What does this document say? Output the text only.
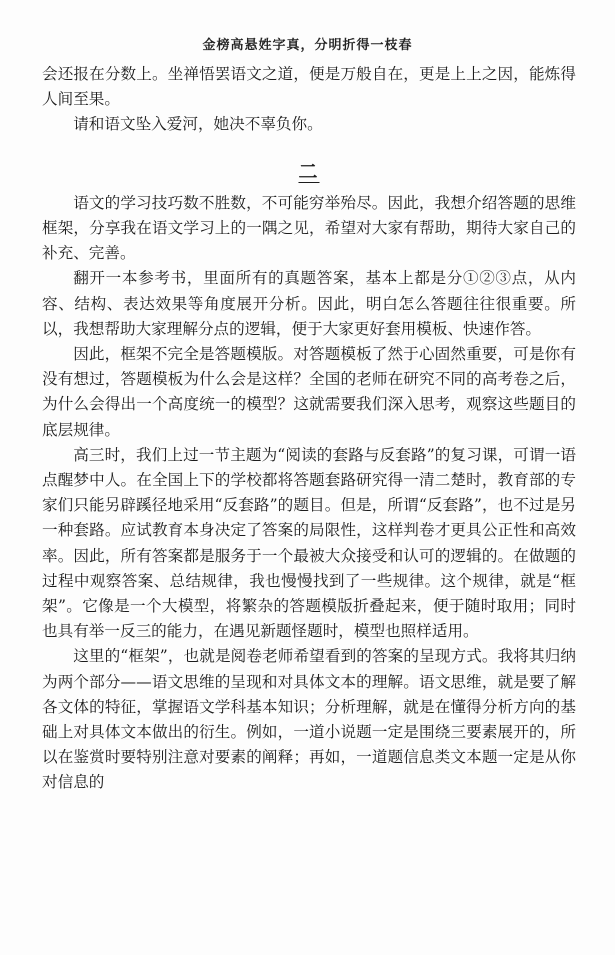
金榜高悬姓字真，分明折得一枝春

会还报在分数上。坐禅悟罢语文之道，便是万般自在，更是上上之因，能炼得人间至果。

请和语文坠入爱河，她决不辜负你。

二

语文的学习技巧数不胜数，不可能穷举殆尽。因此，我想介绍答题的思维框架，分享我在语文学习上的一隅之见，希望对大家有帮助，期待大家自己的补充、完善。

翻开一本参考书，里面所有的真题答案，基本上都是分①②③点，从内容、结构、表达效果等角度展开分析。因此，明白怎么答题往往很重要。所以，我想帮助大家理解分点的逻辑，便于大家更好套用模板、快速作答。

因此，框架不完全是答题模版。对答题模板了然于心固然重要，可是你有没有想过，答题模板为什么会是这样？全国的老师在研究不同的高考卷之后，为什么会得出一个高度统一的模型？这就需要我们深入思考，观察这些题目的底层规律。

高三时，我们上过一节主题为“阅读的套路与反套路”的复习课，可谓一语点醒梦中人。在全国上下的学校都将答题套路研究得一清二楚时，教育部的专家们只能另辟蹊径地采用“反套路”的题目。但是，所谓“反套路”，也不过是另一种套路。应试教育本身决定了答案的局限性，这样判卷才更具公正性和高效率。因此，所有答案都是服务于一个最被大众接受和认可的逻辑的。在做题的过程中观察答案、总结规律，我也慢慢找到了一些规律。这个规律，就是“框架”。它像是一个大模型，将繁杂的答题模版折叠起来，便于随时取用；同时也具有举一反三的能力，在遇见新题怪题时，模型也照样适用。

这里的“框架”，也就是阅卷老师希望看到的答案的呈现方式。我将其归纳为两个部分——语文思维的呈现和对具体文本的理解。语文思维，就是要了解各文体的特征，掌握语文学科基本知识；分析理解，就是在懂得分析方向的基础上对具体文本做出的衍生。例如，一道小说题一定是围绕三要素展开的，所以在鉴赏时要特别注意对要素的阐释；再如，一道题信息类文本题一定是从你对信息的
